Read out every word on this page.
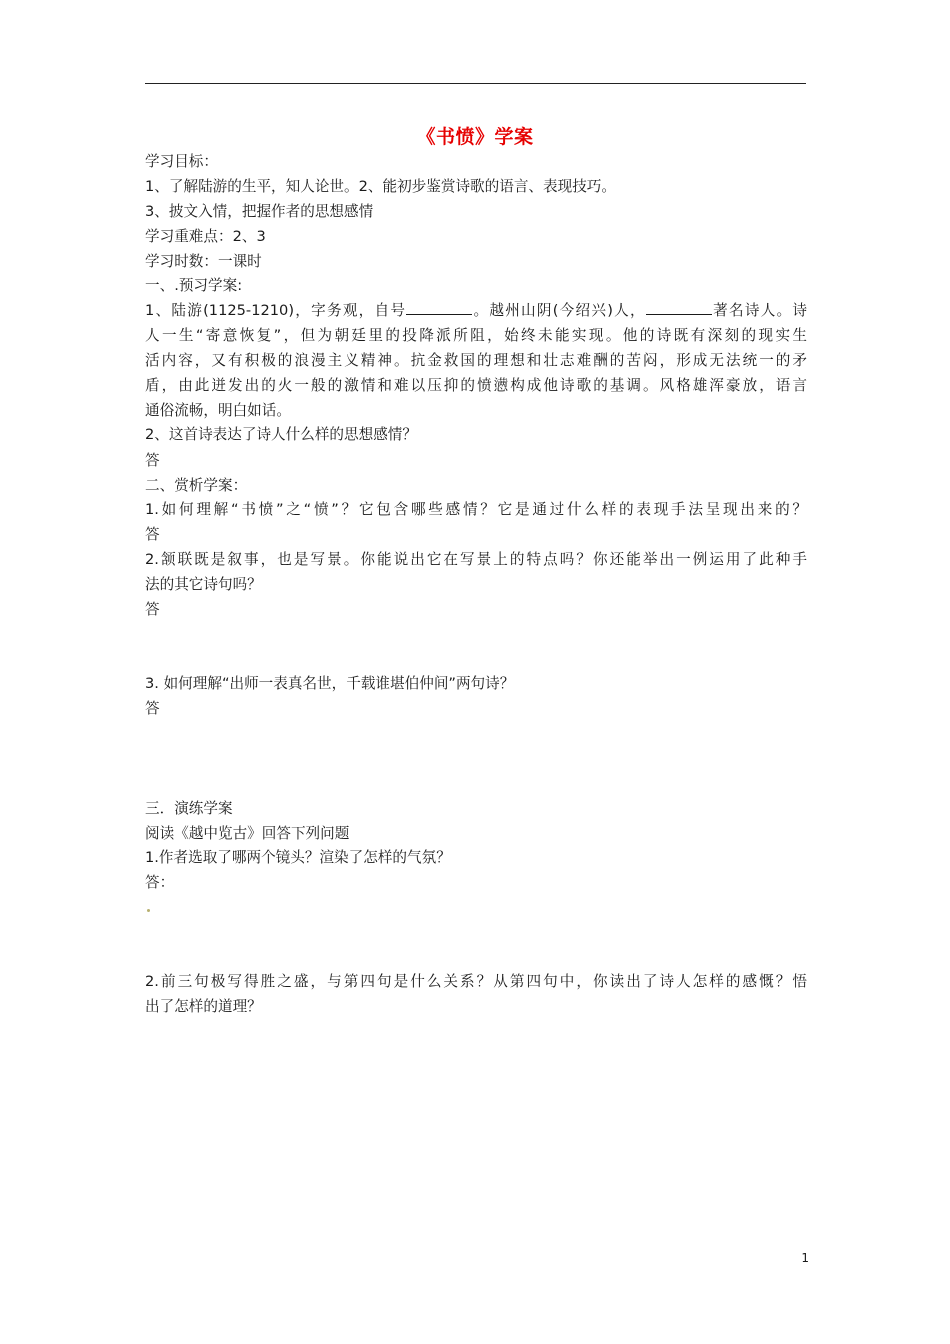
《书愤》学案
学习目标：
1、了解陆游的生平，知人论世。2、能初步鉴赏诗歌的语言、表现技巧。
3、披文入情，把握作者的思想感情
学习重难点：2、3
学习时数：一课时
一、.预习学案:
1、陆游(1125-1210)，字务观，自号	。越州山阴(今绍兴)人，	著名诗人。诗
人一生“寄意恢复”，但为朝廷里的投降派所阻，始终未能实现。他的诗既有深刻的现实生
活内容，又有积极的浪漫主义精神。抗金救国的理想和壮志难酬的苦闷，形成无法统一的矛
盾，由此迸发出的火一般的激情和难以压抑的愤懑构成他诗歌的基调。风格雄浑豪放，语言
通俗流畅，明白如话。
2、这首诗表达了诗人什么样的思想感情？
答
二、赏析学案：
1.如何理解“书愤”之“愤”？它包含哪些感情？它是通过什么样的表现手法呈现出来的？
答
2.颔联既是叙事，也是写景。你能说出它在写景上的特点吗？你还能举出一例运用了此种手
法的其它诗句吗？
答
3. 如何理解“出师一表真名世，千载谁堪伯仲间”两句诗？
答
三．演练学案
阅读《越中览古》回答下列问题
1.作者选取了哪两个镜头？渲染了怎样的气氛？
答：
2.前三句极写得胜之盛，与第四句是什么关系？从第四句中，你读出了诗人怎样的感慨？悟
出了怎样的道理？
1
